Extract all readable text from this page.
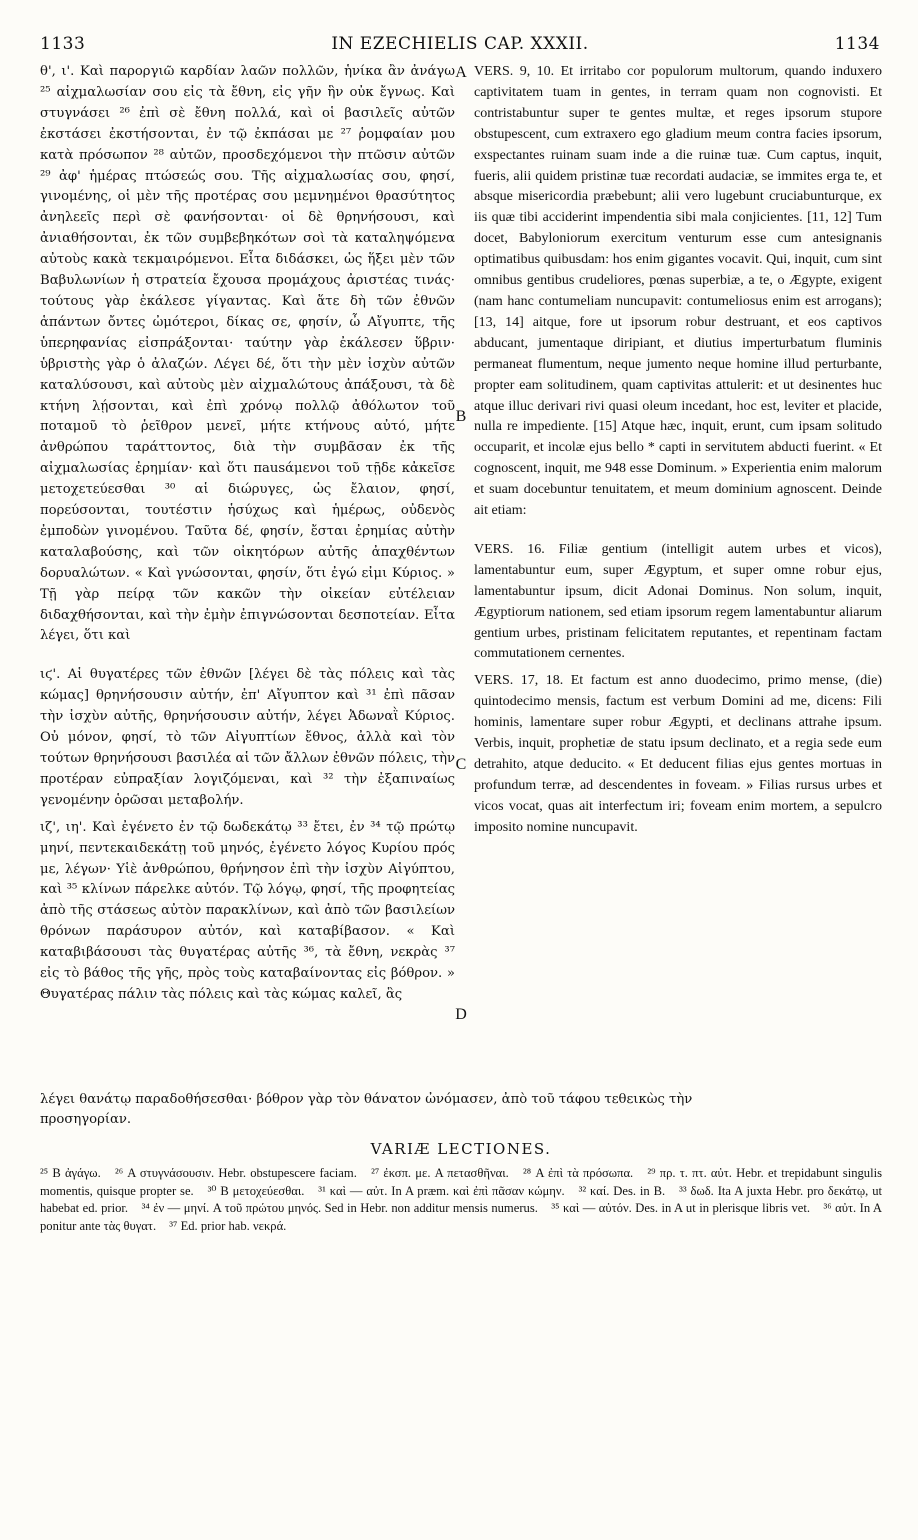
1133	IN EZECHIELIS CAP. XXXII.	1134

θ', ι'. Καὶ παροργιῶ καρδίαν λαῶν πολλῶν, ἡνίκα ἂν ἀνάγω ²⁵ αἰχμαλωσίαν σου εἰς τὰ ἔθνη, εἰς γῆν ἣν οὐκ ἔγνως. Καὶ στυγνάσει ²⁶ ἐπὶ σὲ ἔθνη πολλά, καὶ οἱ βασιλεῖς αὐτῶν ἐκστάσει ἐκστήσονται, ἐν τῷ ἐκπάσαι με ²⁷ ῥομφαίαν μου κατὰ πρόσωπον ²⁸ αὐτῶν, προσδεχόμενοι τὴν πτῶσιν αὐτῶν ²⁹ ἀφ' ἡμέρας πτώσεώς σου. Τῆς αἰχμαλωσίας σου, φησί, γινομένης, οἱ μὲν τῆς προτέρας σου μεμνημένοι θρασύτητος ἀνηλεεῖς περὶ σὲ φανήσονται· οἱ δὲ θρηνήσουσι, καὶ ἀνιαθήσονται, ἐκ τῶν συμβεβηκότων σοὶ τὰ καταληψόμενα αὐτοὺς κακὰ τεκμαιρόμενοι. Εἶτα διδάσκει, ὡς ἥξει μὲν τῶν Βαβυλωνίων ἡ στρατεία ἔχουσα προμάχους ἀριστέας τινάς· τούτους γὰρ ἐκάλεσε γίγαντας. Καὶ ἅτε δὴ τῶν ἐθνῶν ἁπάντων ὄντες ὠμότεροι, δίκας σε, φησίν, ὦ Αἴγυπτε, τῆς ὑπερηφανίας εἰσπράξονται· ταύτην γὰρ ἐκάλεσεν ὕβριν· ὑβριστὴς γὰρ ὁ ἀλαζών. Λέγει δέ, ὅτι τὴν μὲν ἰσχὺν αὐτῶν καταλύσουσι, καὶ αὐτοὺς μὲν αἰχμαλώτους ἀπάξουσι, τὰ δὲ κτήνη λῄσονται, καὶ ἐπὶ χρόνῳ πολλῷ ἀθόλωτον τοῦ ποταμοῦ τὸ ῥεῖθρον μενεῖ, μήτε κτήνους αὐτό, μήτε ἀνθρώπου ταράττοντος, διὰ τὴν συμβᾶσαν ἐκ τῆς αἰχμαλωσίας ἐρημίαν· καὶ ὅτι πausάμενοι τοῦ τῇδε κἀκεῖσε μετοχετεύεσθαι ³⁰ αἱ διώρυγες, ὡς ἔλαιον, φησί, πορεύσονται, τουτέστιν ἡσύχως καὶ ἡμέρως, οὐδενὸς ἐμποδὼν γινομένου. Ταῦτα δέ, φησίν, ἔσται ἐρημίας αὐτὴν καταλαβούσης, καὶ τῶν οἰκητόρων αὐτῆς ἀπαχθέντων δορυαλώτων. « Καὶ γνώσονται, φησίν, ὅτι ἐγώ εἰμι Κύριος. » Τῇ γὰρ πείρᾳ τῶν κακῶν τὴν οἰκείαν εὐτέλειαν διδαχθήσονται, καὶ τὴν ἐμὴν ἐπιγνώσονται δεσποτείαν. Εἶτα λέγει, ὅτι καὶ

ιϛ'. Αἱ θυγατέρες τῶν ἐθνῶν [λέγει δὲ τὰς πόλεις καὶ τὰς κώμας] θρηνήσουσιν αὐτήν, ἐπ' Αἴγυπτον καὶ ³¹ ἐπὶ πᾶσαν τὴν ἰσχὺν αὐτῆς, θρηνήσουσιν αὐτήν, λέγει Ἀδωναῒ Κύριος. Οὐ μόνον, φησί, τὸ τῶν Αἰγυπτίων ἔθνος, ἀλλὰ καὶ τὸν τούτων θρηνήσουσι βασιλέα αἱ τῶν ἄλλων ἐθνῶν πόλεις, τὴν προτέραν εὐπραξίαν λογιζόμεναι, καὶ ³² τὴν ἐξαπιναίως γενομένην ὁρῶσαι μεταβολήν.

ιζ', ιη'. Καὶ ἐγένετο ἐν τῷ δωδεκάτῳ ³³ ἔτει, ἐν ³⁴ τῷ πρώτῳ μηνί, πεντεκαιδεκάτῃ τοῦ μηνός, ἐγένετο λόγος Κυρίου πρός με, λέγων· Υἱὲ ἀνθρώπου, θρήνησον ἐπὶ τὴν ἰσχὺν Αἰγύπτου, καὶ ³⁵ κλίνων πάρελκε αὐτόν. Τῷ λόγῳ, φησί, τῆς προφητείας ἀπὸ τῆς στάσεως αὐτὸν παρακλίνων, καὶ ἀπὸ τῶν βασιλείων θρόνων παράσυρον αὐτόν, καὶ καταβίβασον. « Καὶ καταβιβάσουσι τὰς θυγατέρας αὐτῆς ³⁶, τὰ ἔθνη, νεκρὰς ³⁷ εἰς τὸ βάθος τῆς γῆς, πρὸς τοὺς καταβαίνοντας εἰς βόθρον. » Θυγατέρας πάλιν τὰς πόλεις καὶ τὰς κώμας καλεῖ, ἃς

A
B
C
D

VERS. 9, 10. Et irritabo cor populorum multorum, quando induxero captivitatem tuam in gentes, in terram quam non cognovisti. Et contristabuntur super te gentes multæ, et reges ipsorum stupore obstupescent, cum extraxero ego gladium meum contra facies ipsorum, exspectantes ruinam suam inde a die ruinæ tuæ. Cum captus, inquit, fueris, alii quidem pristinæ tuæ recordati audaciæ, se immites erga te, et absque misericordia præbebunt; alii vero lugebunt cruciabunturque, ex iis quæ tibi acciderint impendentia sibi mala conjicientes. [11, 12] Tum docet, Babyloniorum exercitum venturum esse cum antesignanis optimatibus quibusdam: hos enim gigantes vocavit. Qui, inquit, cum sint omnibus gentibus crudeliores, pœnas superbiæ, a te, o Ægypte, exigent (nam hanc contumeliam nuncupavit: contumeliosus enim est arrogans); [13, 14] aitque, fore ut ipsorum robur destruant, et eos captivos abducant, jumentaque diripiant, et diutius imperturbatum fluminis permaneat flumentum, neque jumento neque homine illud perturbante, propter eam solitudinem, quam captivitas attulerit: et ut desinentes huc atque illuc derivari rivi quasi oleum incedant, hoc est, leviter et placide, nulla re impediente. [15] Atque hæc, inquit, erunt, cum ipsam solitudo occuparit, et incolæ ejus bello * capti in servitutem abducti fuerint. « Et cognoscent, inquit, me 948 esse Dominum. » Experientia enim malorum et suam docebuntur tenuitatem, et meum dominium agnoscent. Deinde ait etiam:

VERS. 16. Filiæ gentium (intelligit autem urbes et vicos), lamentabuntur eum, super Ægyptum, et super omne robur ejus, lamentabuntur ipsum, dicit Adonai Dominus. Non solum, inquit, Ægyptiorum nationem, sed etiam ipsorum regem lamentabuntur aliarum gentium urbes, pristinam felicitatem reputantes, et repentinam factam commutationem cernentes.

VERS. 17, 18. Et factum est anno duodecimo, primo mense, (die) quintodecimo mensis, factum est verbum Domini ad me, dicens: Fili hominis, lamentare super robur Ægypti, et declinans attrahe ipsum. Verbis, inquit, prophetiæ de statu ipsum declinato, et a regia sede eum detrahito, atque deducito. « Et deducent filias ejus gentes mortuas in profundum terræ, ad descendentes in foveam. » Filias rursus urbes et vicos vocat, quas ait interfectum iri; foveam enim mortem, a sepulcro imposito nomine nuncupavit.

λέγει θανάτῳ παραδοθήσεσθαι· βόθρον γὰρ τὸν θάνατον ὠνόμασεν, ἀπὸ τοῦ τάφου τεθεικὼς τὴν
προσηγορίαν.
VARIÆ LECTIONES.
²⁵ B ἀγάγω. ²⁶ A στυγνάσουσιν. Hebr. obstupescere faciam. ²⁷ ἐκσπ. με. A πετασθῆναι. ²⁸ A ἐπὶ τὰ πρόσωπα. ²⁹ πρ. τ. πτ. αὐτ. Hebr. et trepidabunt singulis momentis, quisque propter se. ³⁰ B μετοχεύεσθαι. ³¹ καὶ — αὐτ. In A præm. καὶ ἐπὶ πᾶσαν κώμην. ³² καί. Des. in B. ³³ δωδ. Ita A juxta Hebr. pro δεκάτῳ, ut habebat ed. prior. ³⁴ ἐν — μηνί. A τοῦ πρώτου μηνός. Sed in Hebr. non additur mensis numerus. ³⁵ καὶ — αὐτόν. Des. in A ut in plerisque libris vet. ³⁶ αὐτ. In A ponitur ante τὰς θυγατ. ³⁷ Ed. prior hab. νεκρά.
